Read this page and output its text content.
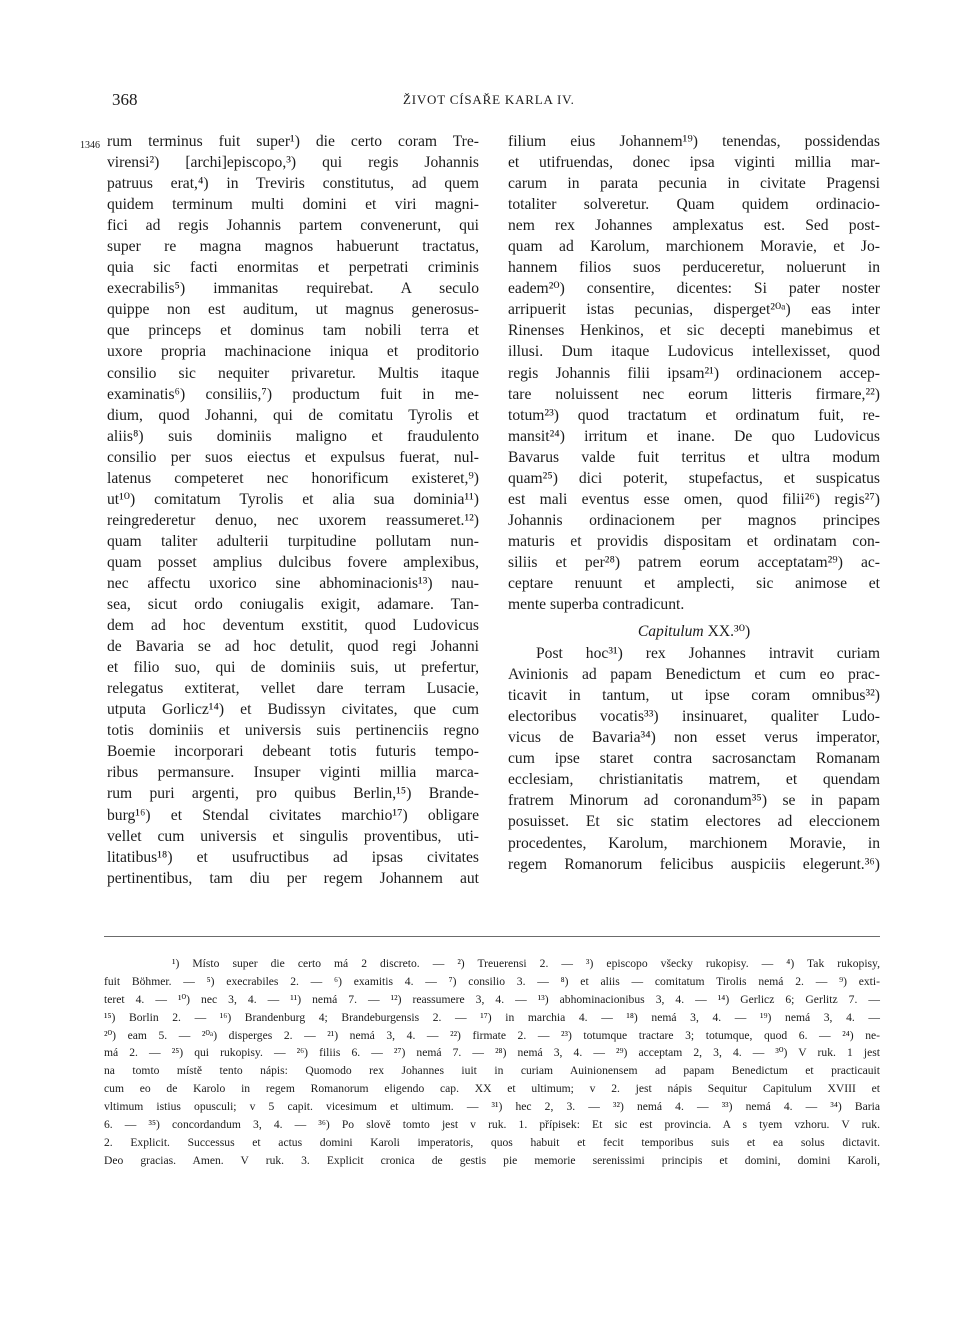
368	ŽIVOT CÍSAŘE KARLA IV.
1346 rum terminus fuit super¹) die certo coram Tre-
virensi²) [archi]episcopo,³) qui regis Johannis
patruus erat,⁴) in Treviris constitutus, ad quem
quidem terminum multi domini et viri magni-
fici ad regis Johannis partem convenerunt, qui
super re magna magnos habuerunt tractatus,
quia sic facti enormitas et perpetrati criminis
execrabilis⁵) immanitas requirebat. A seculo
quippe non est auditum, ut magnus generosus-
que princeps et dominus tam nobili terra et
uxore propria machinacione iniqua et proditorio
consilio sic nequiter privaretur. Multis itaque
examinatis⁶) consiliis,⁷) productum fuit in me-
dium, quod Johanni, qui de comitatu Tyrolis et
aliis⁸) suis dominiis maligno et fraudulento
consilio per suos eiectus et expulsus fuerat, nul-
latenus competeret nec honorificum existeret,⁹)
ut¹⁰) comitatum Tyrolis et alia sua dominia¹¹)
reingrederetur denuo, nec uxorem reassumeret.¹²)
quam taliter adulterii turpitudine pollutam nun-
quam posset amplius dulcibus fovere amplexibus,
nec affectu uxorico sine abhominacionis¹³) nau-
sea, sicut ordo coniugalis exigit, adamare. Tan-
dem ad hoc deventum exstitit, quod Ludovicus
de Bavaria se ad hoc detulit, quod regi Johanni
et filio suo, qui de dominiis suis, ut prefertur,
relegatus extiterat, vellet dare terram Lusacie,
utputa Gorlicz¹⁴) et Budissyn civitates, que cum
totis dominiis et universis suis pertinenciis regno
Boemie incorporari debeant totis futuris tempo-
ribus permansure. Insuper viginti millia marca-
rum puri argenti, pro quibus Berlin,¹⁵) Brande-
burg¹⁶) et Stendal civitates marchio¹⁷) obligare
vellet cum universis et singulis proventibus, uti-
litatibus¹⁸) et usufructibus ad ipsas civitates
pertinentibus, tam diu per regem Johannem aut
filium eius Johannem¹⁹) tenendas, possidendas
et utifruendas, donec ipsa viginti millia mar-
carum in parata pecunia in civitate Pragensi
totaliter solveretur. Quam quidem ordinacio-
nem rex Johannes amplexatus est. Sed post-
quam ad Karolum, marchionem Moravie, et Jo-
hannem filios suos perduceretur, noluerunt in
eadem²⁰) consentire, dicentes: Si pater noster
arripuerit istas pecunias, disperget²⁰ᵃ) eas inter
Rinenses Henkinos, et sic decepti manebimus et
illusi. Dum itaque Ludovicus intellexisset, quod
regis Johannis filii ipsam²¹) ordinacionem accep-
tare noluissent nec eorum litteris firmare,²²)
totum²³) quod tractatum et ordinatum fuit, re-
mansit²⁴) irritum et inane. De quo Ludovicus
Bavarus valde fuit territus et ultra modum
quam²⁵) dici poterit, stupefactus, et suspicatus
est mali eventus esse omen, quod filii²⁶) regis²⁷)
Johannis ordinacionem per magnos principes
maturis et providis dispositam et ordinatam con-
siliis et per²⁸) patrem eorum acceptatam²⁹) ac-
ceptare renuunt et amplecti, sic animose et
mente superba contradicunt.
Capitulum XX.³⁰)
Post hoc³¹) rex Johannes intravit curiam
Avinionis ad papam Benedictum et cum eo prac-
ticavit in tantum, ut ipse coram omnibus³²)
electoribus vocatis³³) insinuaret, qualiter Ludo-
vicus de Bavaria³⁴) non esset verus imperator,
cum ipse staret contra sacrosanctam Romanam
ecclesiam, christianitatis matrem, et quendam
fratrem Minorum ad coronandum³⁵) se in papam
posuisset. Et sic statim electores ad eleccionem
procedentes, Karolum, marchionem Moravie, in
regem Romanorum felicibus auspiciis elegerunt.³⁶)
¹) Místo super die certo má 2 discreto. — ²) Treuerensi 2. — ³) episcopo všecky rukopisy. — ⁴) Tak rukopisy,
fuit Böhmer. — ⁵) execrabiles 2. — ⁶) examitis 4. — ⁷) consilio 3. — ⁸) et aliis — comitatum Tirolis nemá 2. — ⁹) exti-
teret 4. — ¹⁰) nec 3, 4. — ¹¹) nemá 7. — ¹²) reassumere 3, 4. — ¹³) abhominacionibus 3, 4. — ¹⁴) Gerlicz 6; Gerlitz 7. —
¹⁵) Borlin 2. — ¹⁶) Brandenburg 4; Brandeburgensis 2. — ¹⁷) in marchia 4. — ¹⁸) nemá 3, 4. — ¹⁹) nemá 3, 4. —
²⁰) eam 5. — ²⁰ᵃ) disperges 2. — ²¹) nemá 3, 4. — ²²) firmate 2. — ²³) totumque tractare 3; totumque, quod 6. — ²⁴) ne-
má 2. — ²⁵) qui rukopisy. — ²⁶) filiis 6. — ²⁷) nemá 7. — ²⁸) nemá 3, 4. — ²⁹) acceptam 2, 3, 4. — ³⁰) V ruk. 1 jest
na tomto místě tento nápis: Quomodo rex Johannes iuit in curiam Auinionensem ad papam Benedictum et practicauit
cum eo de Karolo in regem Romanorum eligendo cap. XX et ultimum; v 2. jest nápis Sequitur Capitulum XVIII et
vltimum istius opusculi; v 5 capit. vicesimum et ultimum. — ³¹) hec 2, 3. — ³²) nemá 4. — ³³) nemá 4. — ³⁴) Baria
6. — ³⁵) concordandum 3, 4. — ³⁶) Po slově tomto jest v ruk. 1. přípisek: Et sic est provincia. A s tyem vzhoru. V ruk.
2. Explicit. Successus et actus domini Karoli imperatoris, quos habuit et fecit temporibus suis et ea solus dictavit.
Deo gracias. Amen. V ruk. 3. Explicit cronica de gestis pie memorie serenissimi principis et domini, domini Karoli,
